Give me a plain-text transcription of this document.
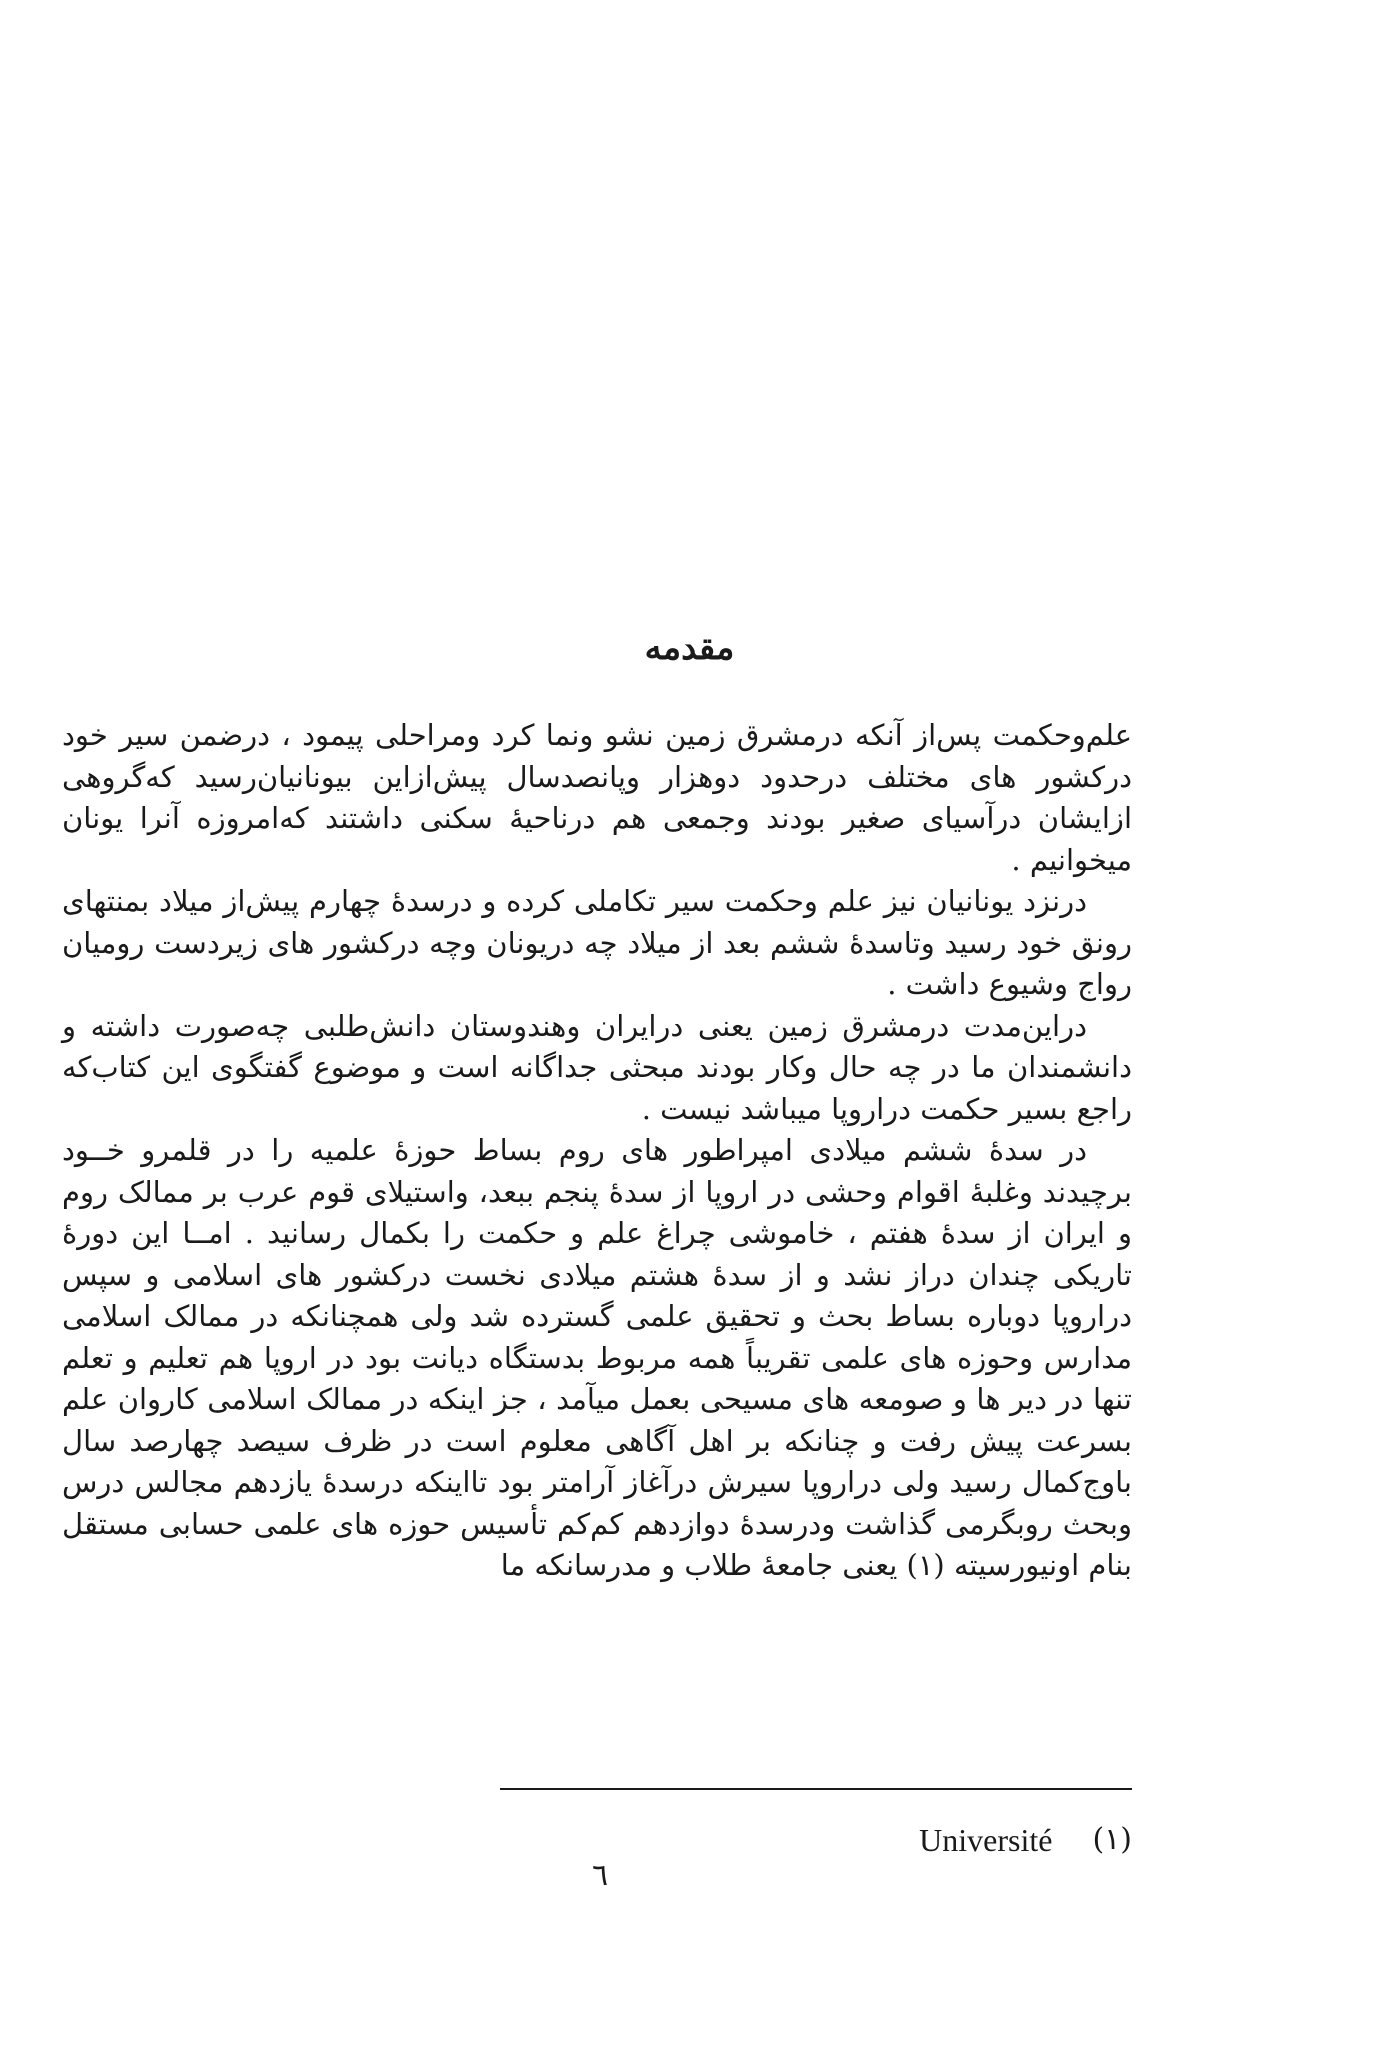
مقدمه

علم‌وحکمت پس‌از آنکه درمشرق زمین نشو ونما کرد ومراحلی پیمود ، درضمن سیر خود درکشور های مختلف درحدود دوهزار وپانصدسال پیش‌ازاین بیونانیان‌رسید که‌گروهی ازایشان درآسیای صغیر بودند وجمعی هم درناحیهٔ سکنی داشتند که‌امروزه آنرا یونان میخوانیم .

درنزد یونانیان نیز علم وحکمت سیر تکاملی کرده و درسدهٔ چهارم پیش‌از میلاد بمنتهای رونق خود رسید وتاسدهٔ ششم بعد از میلاد چه دریونان وچه درکشور های زیردست رومیان رواج وشیوع داشت .

دراین‌مدت درمشرق زمین یعنی درایران وهندوستان دانش‌طلبی چه‌صورت داشته و دانشمندان ما در چه حال وکار بودند مبحثی جداگانه است و موضوع گفتگوی این کتاب‌که راجع بسیر حکمت دراروپا میباشد نیست .

در سدهٔ ششم میلادی امپراطور های روم بساط حوزهٔ علمیه را در قلمرو خــود برچیدند وغلبهٔ اقوام وحشی در اروپا از سدهٔ پنجم ببعد، واستیلای قوم عرب بر ممالک روم و ایران از سدهٔ هفتم ، خاموشی چراغ علم و حکمت را بکمال رسانید . امــا این دورهٔ تاریکی چندان دراز نشد و از سدهٔ هشتم میلادی نخست درکشور های اسلامی و سپس دراروپا دوباره بساط بحث و تحقیق علمی گسترده شد ولی همچنانکه در ممالک اسلامی مدارس وحوزه های علمی تقریباً همه مربوط بدستگاه دیانت بود در اروپا هم تعلیم و تعلم تنها در دیر ها و صومعه های مسیحی بعمل میآمد ، جز اینکه در ممالک اسلامی کاروان علم بسرعت پیش رفت و چنانکه بر اهل آگاهی معلوم است در ظرف سیصد چهارصد سال باوج‌کمال رسید ولی دراروپا سیرش درآغاز آرامتر بود تااینکه درسدهٔ یازدهم مجالس درس وبحث روبگرمی گذاشت ودرسدهٔ دوازدهم کم‌کم تأسیس حوزه های علمی حسابی مستقل بنام اونیورسیته (۱) یعنی جامعهٔ طلاب و مدرسانکه ما

(۱)
Université
٦
